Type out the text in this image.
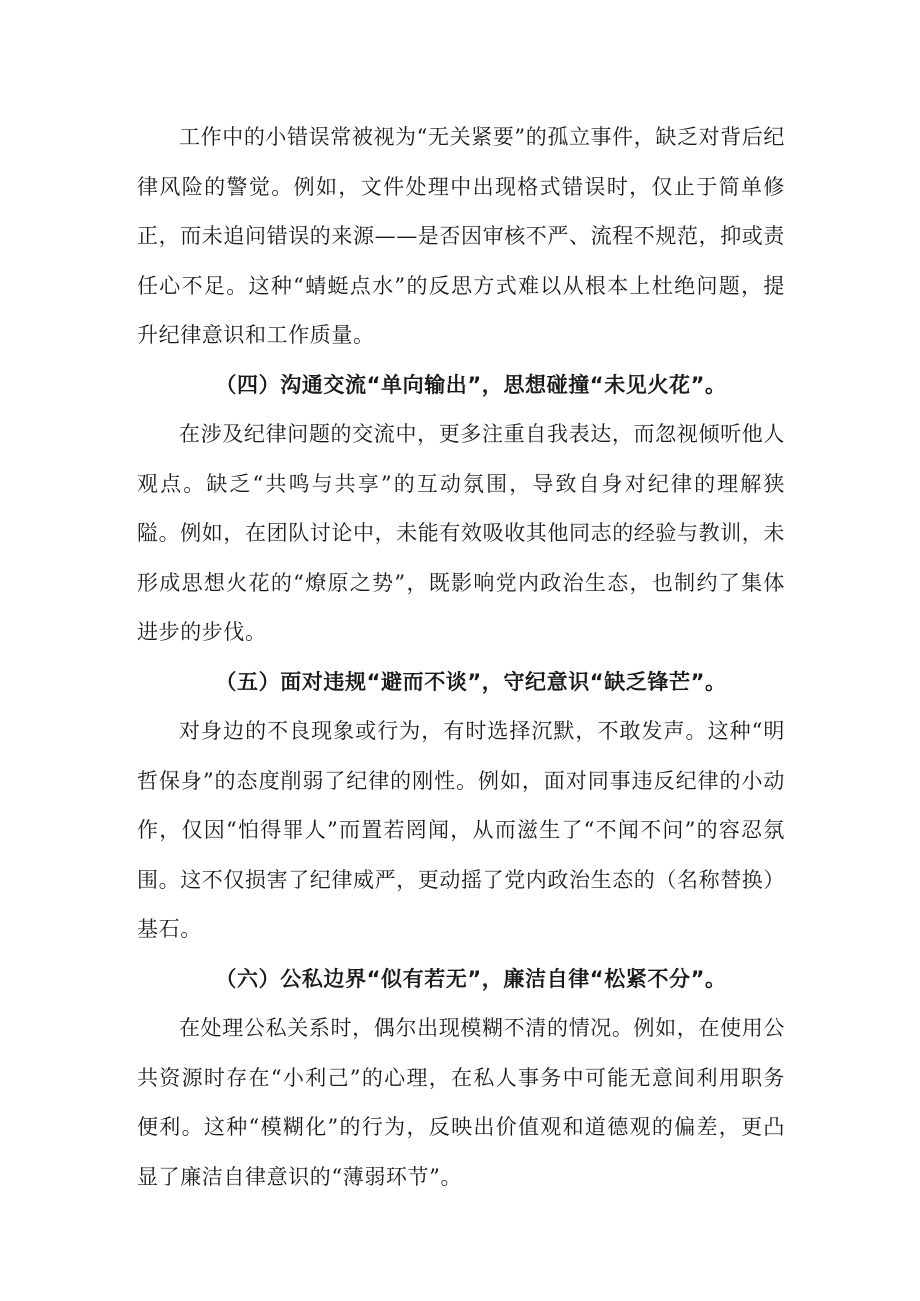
工作中的小错误常被视为“无关紧要”的孤立事件，缺乏对背后纪律风险的警觉。例如，文件处理中出现格式错误时，仅止于简单修正，而未追问错误的来源——是否因审核不严、流程不规范，抑或责任心不足。这种“蜻蜓点水”的反思方式难以从根本上杜绝问题，提升纪律意识和工作质量。

（四）沟通交流“单向输出”，思想碰撞“未见火花”。

在涉及纪律问题的交流中，更多注重自我表达，而忽视倾听他人观点。缺乏“共鸣与共享”的互动氛围，导致自身对纪律的理解狭隘。例如，在团队讨论中，未能有效吸收其他同志的经验与教训，未形成思想火花的“燎原之势”，既影响党内政治生态，也制约了集体进步的步伐。

（五）面对违规“避而不谈”，守纪意识“缺乏锋芒”。

对身边的不良现象或行为，有时选择沉默，不敢发声。这种“明哲保身”的态度削弱了纪律的刚性。例如，面对同事违反纪律的小动作，仅因“怕得罪人”而置若罔闻，从而滋生了“不闻不问”的容忍氛围。这不仅损害了纪律威严，更动摇了党内政治生态的（名称替换）基石。

（六）公私边界“似有若无”，廉洁自律“松紧不分”。

在处理公私关系时，偶尔出现模糊不清的情况。例如，在使用公共资源时存在“小利己”的心理，在私人事务中可能无意间利用职务便利。这种“模糊化”的行为，反映出价值观和道德观的偏差，更凸显了廉洁自律意识的“薄弱环节”。
